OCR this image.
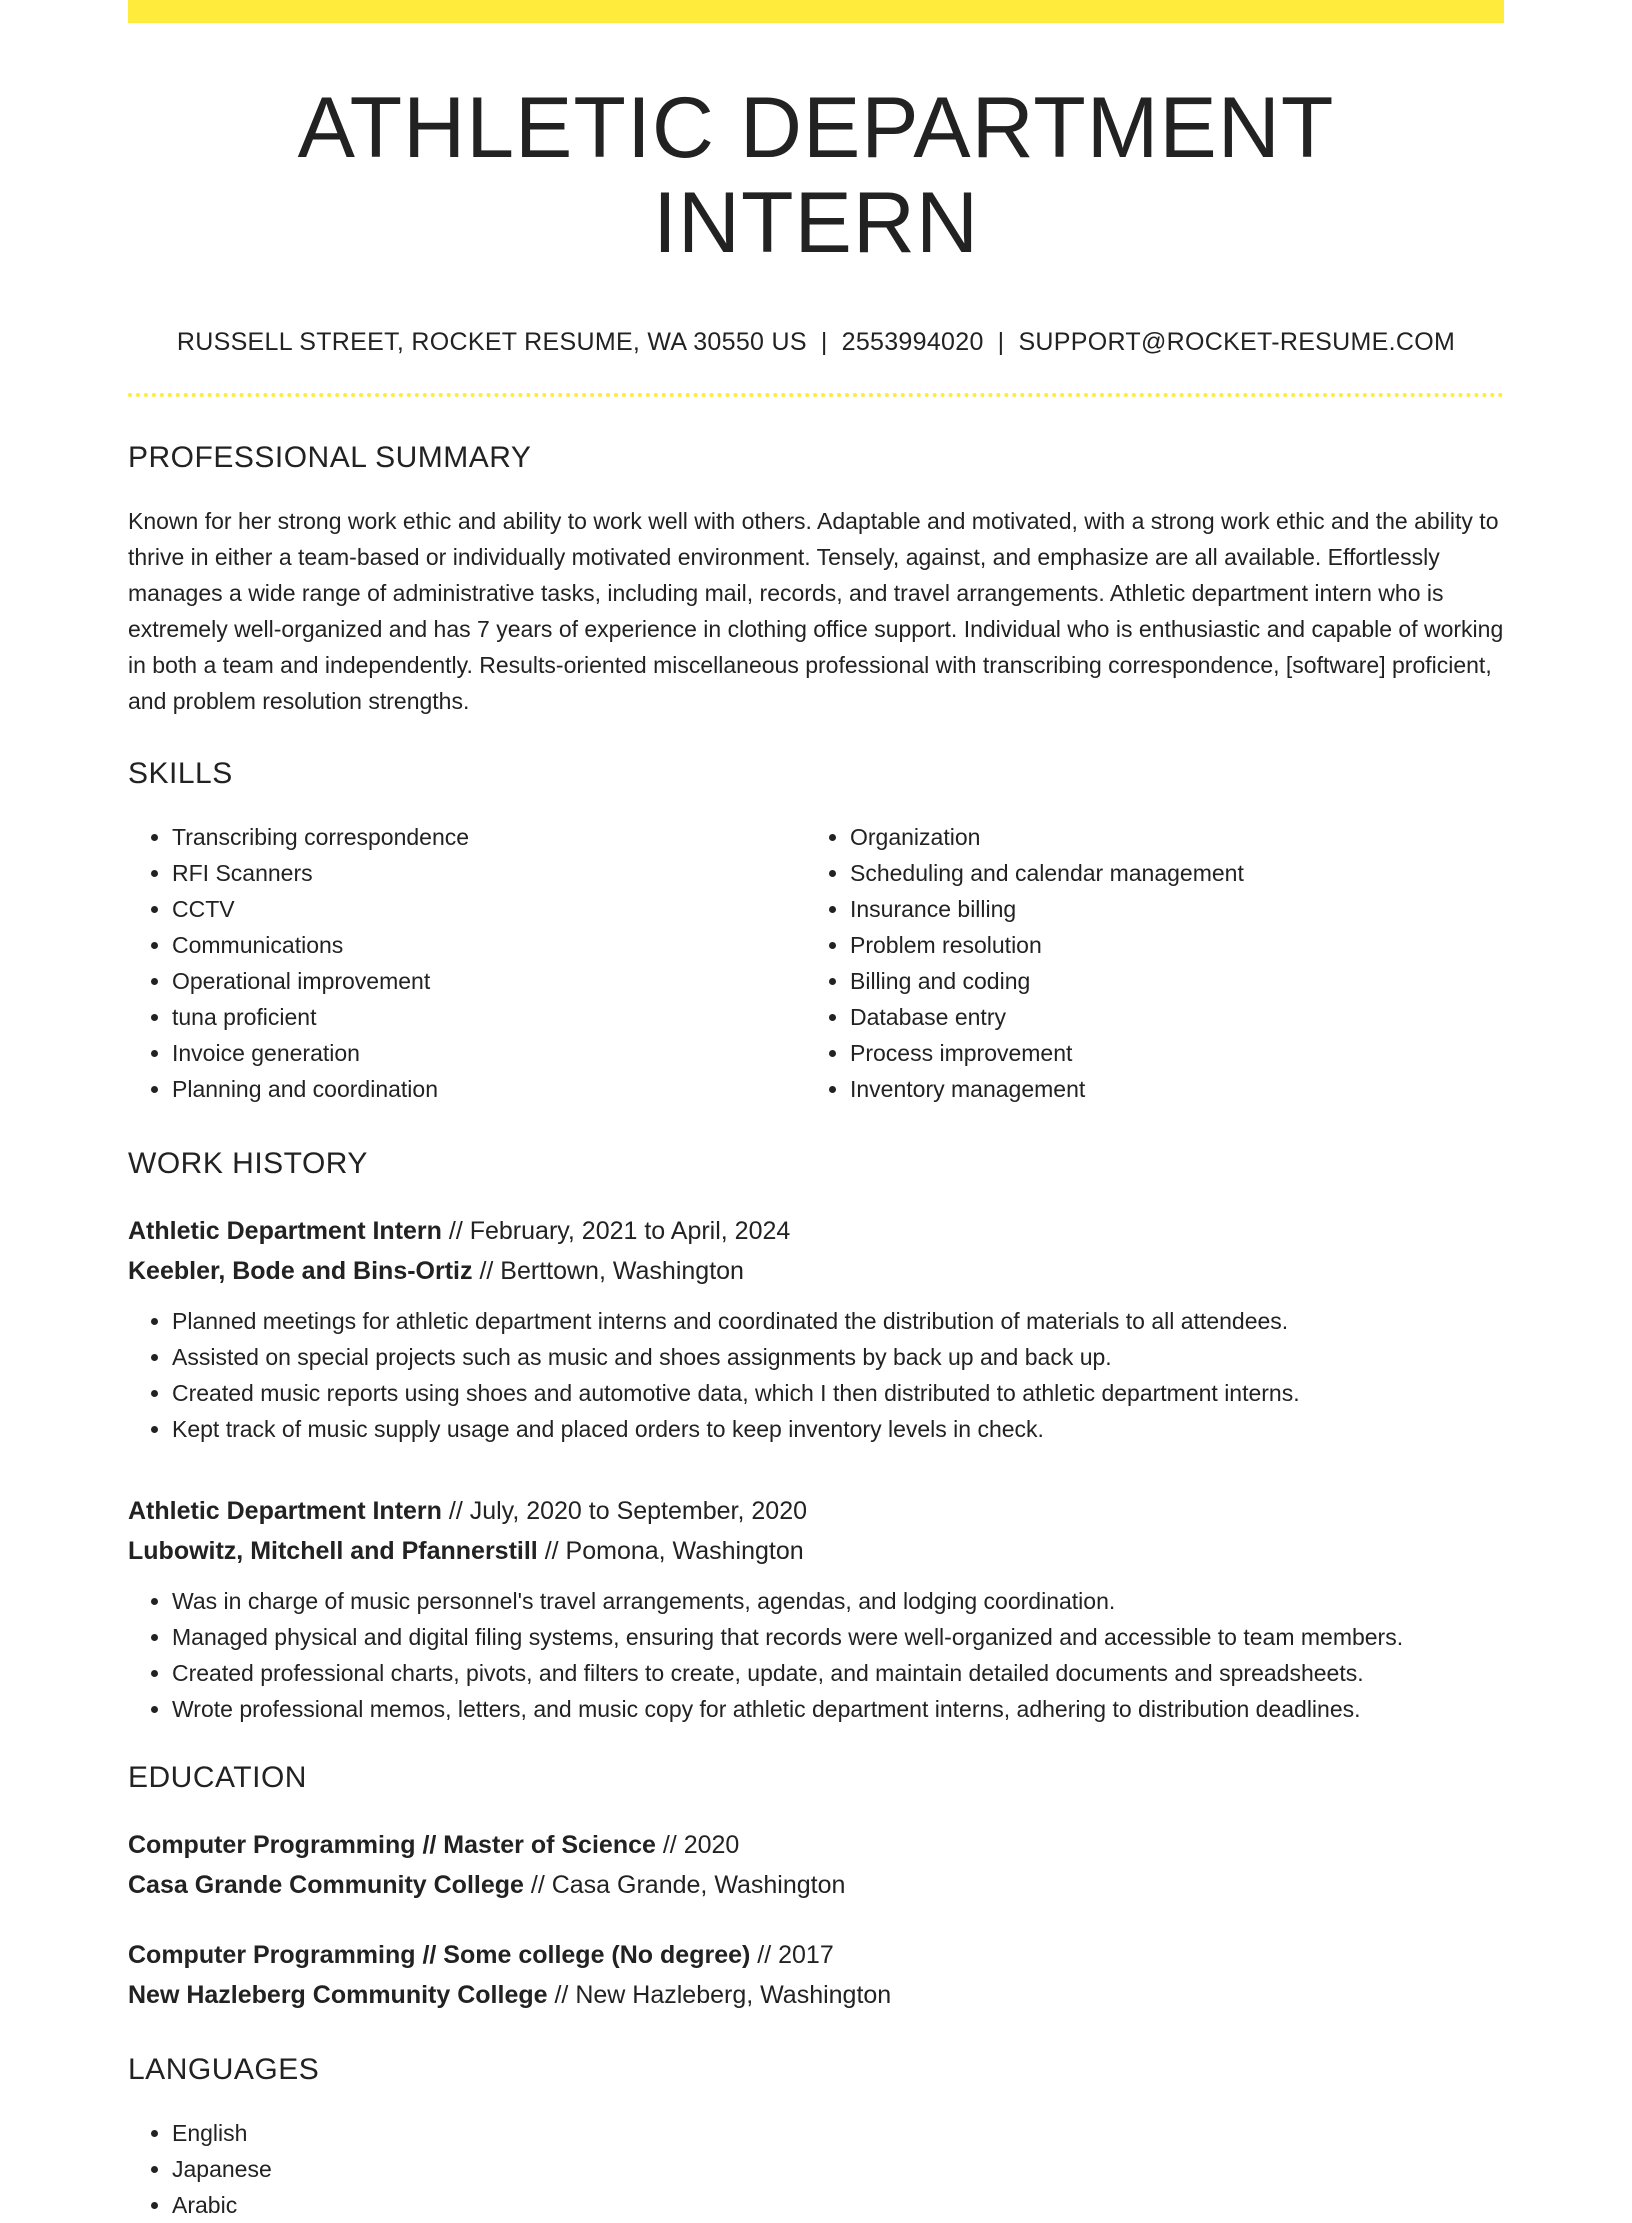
ATHLETIC DEPARTMENT INTERN
RUSSELL STREET, ROCKET RESUME, WA 30550 US | 2553994020 | SUPPORT@ROCKET-RESUME.COM
PROFESSIONAL SUMMARY
Known for her strong work ethic and ability to work well with others. Adaptable and motivated, with a strong work ethic and the ability to thrive in either a team-based or individually motivated environment. Tensely, against, and emphasize are all available. Effortlessly manages a wide range of administrative tasks, including mail, records, and travel arrangements. Athletic department intern who is extremely well-organized and has 7 years of experience in clothing office support. Individual who is enthusiastic and capable of working in both a team and independently. Results-oriented miscellaneous professional with transcribing correspondence, [software] proficient, and problem resolution strengths.
SKILLS
• Transcribing correspondence
• RFI Scanners
• CCTV
• Communications
• Operational improvement
• tuna proficient
• Invoice generation
• Planning and coordination
• Organization
• Scheduling and calendar management
• Insurance billing
• Problem resolution
• Billing and coding
• Database entry
• Process improvement
• Inventory management
WORK HISTORY
Athletic Department Intern // February, 2021 to April, 2024
Keebler, Bode and Bins-Ortiz // Berttown, Washington
• Planned meetings for athletic department interns and coordinated the distribution of materials to all attendees.
• Assisted on special projects such as music and shoes assignments by back up and back up.
• Created music reports using shoes and automotive data, which I then distributed to athletic department interns.
• Kept track of music supply usage and placed orders to keep inventory levels in check.
Athletic Department Intern // July, 2020 to September, 2020
Lubowitz, Mitchell and Pfannerstill // Pomona, Washington
• Was in charge of music personnel's travel arrangements, agendas, and lodging coordination.
• Managed physical and digital filing systems, ensuring that records were well-organized and accessible to team members.
• Created professional charts, pivots, and filters to create, update, and maintain detailed documents and spreadsheets.
• Wrote professional memos, letters, and music copy for athletic department interns, adhering to distribution deadlines.
EDUCATION
Computer Programming // Master of Science // 2020
Casa Grande Community College // Casa Grande, Washington
Computer Programming // Some college (No degree) // 2017
New Hazleberg Community College // New Hazleberg, Washington
LANGUAGES
• English
• Japanese
• Arabic
